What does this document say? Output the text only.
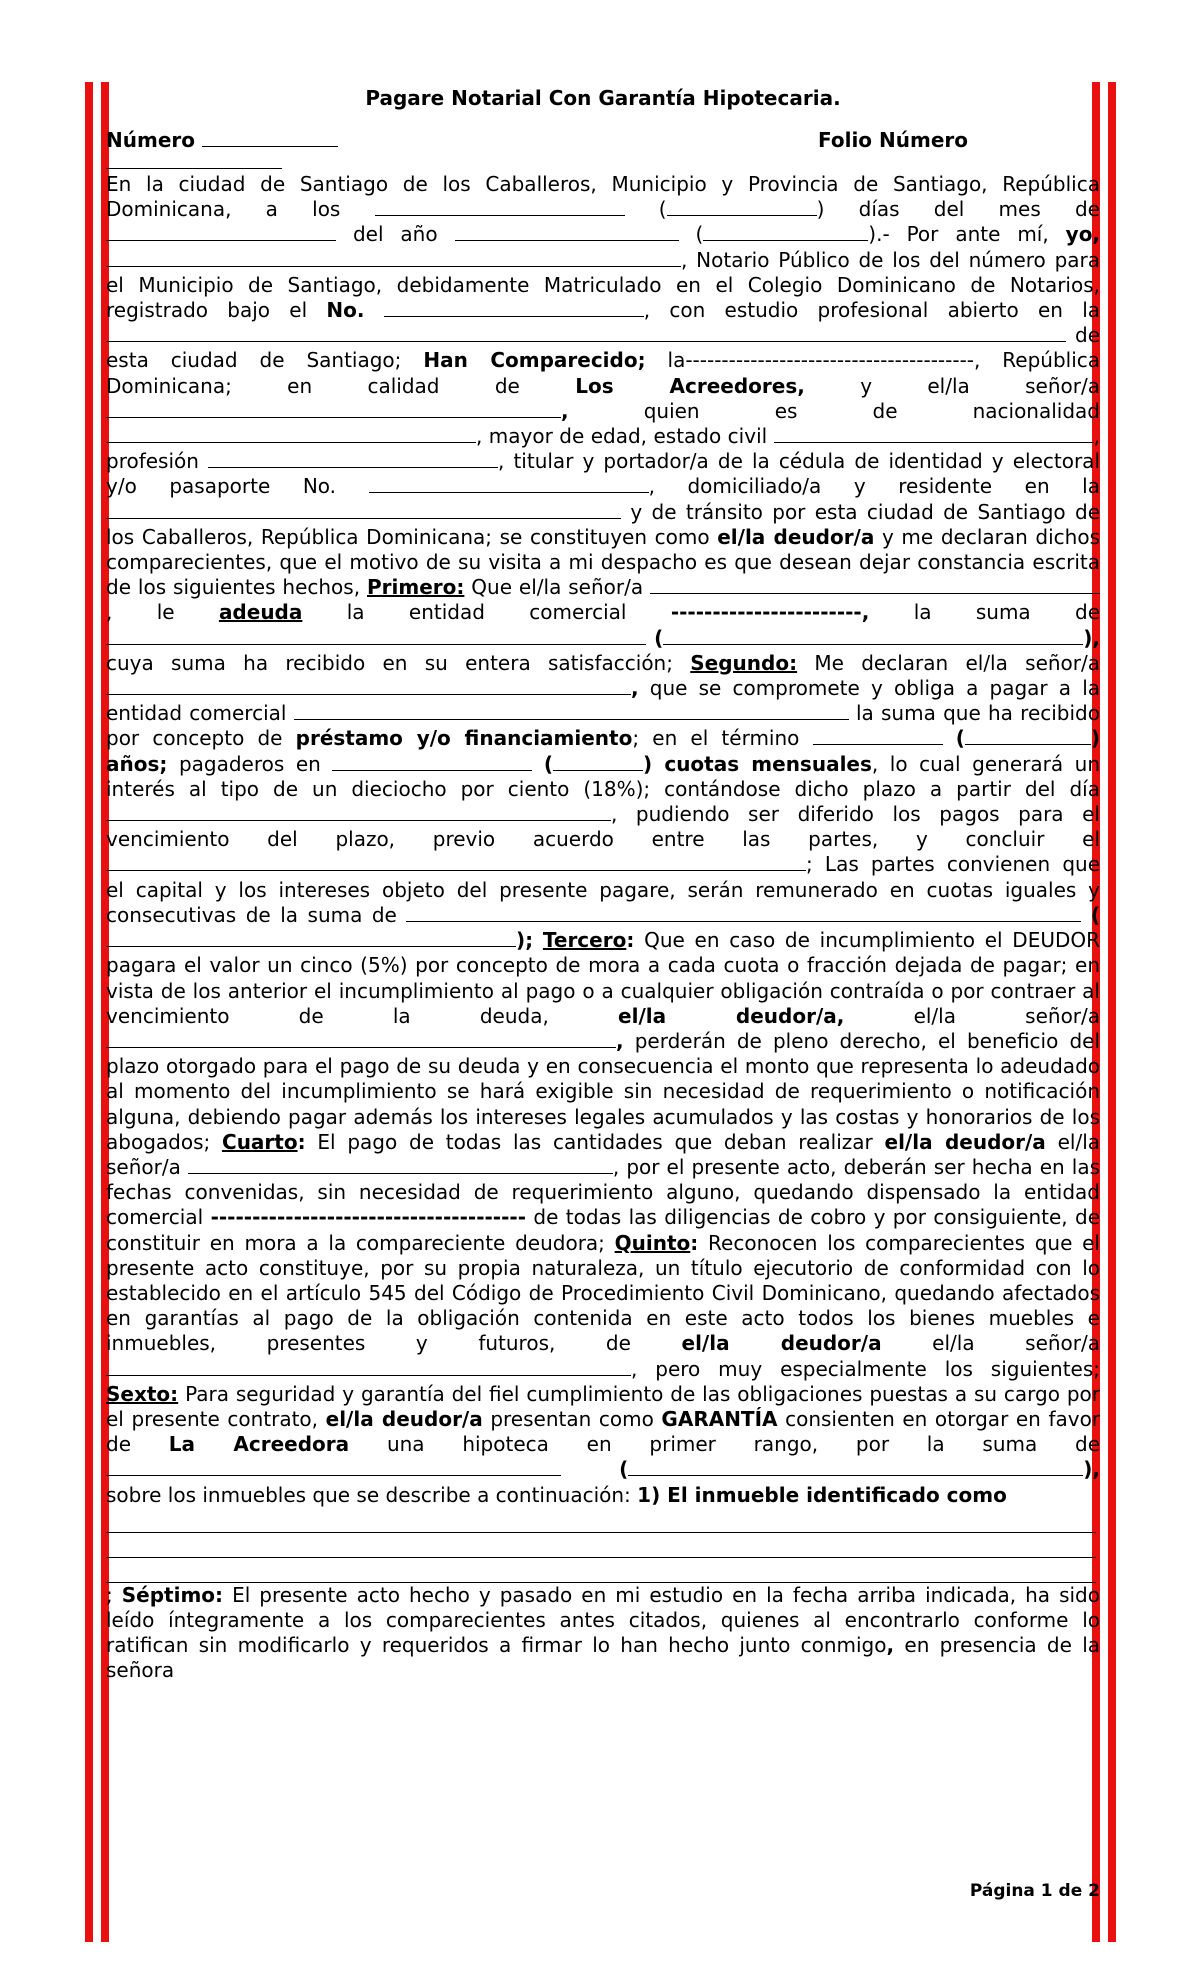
Pagare Notarial Con Garantía Hipotecaria.
Número	Folio Número

En la ciudad de Santiago de los Caballeros, Municipio y Provincia de Santiago, República Dominicana, a los	(	) días del mes de  del año	(	).- Por ante mí, yo, , Notario Público de los del número para el Municipio de Santiago, debidamente Matriculado en el Colegio Dominicano de Notarios, registrado bajo el No.	, con estudio profesional abierto en la  de esta ciudad de Santiago; Han Comparecido; la----------------------------------------, República Dominicana; en calidad de	Los Acreedores,	y el/la señor/a ,	quien es de nacionalidad , mayor de edad, estado civil	, profesión	, titular y portador/a de la cédula de identidad y electoral y/o pasaporte No.	, domiciliado/a y residente en la  y de tránsito por esta ciudad de Santiago de los Caballeros, República Dominicana; se constituyen como el/la deudor/a y me declaran dichos comparecientes, que el motivo de su visita a mi despacho es que desean dejar constancia escrita de los siguientes hechos, Primero: Que el/la señor/a , le adeuda la entidad comercial -----------------------, la suma de  (	), cuya suma ha recibido en su entera satisfacción; Segundo: Me declaran el/la señor/a , que se compromete y obliga a pagar a la entidad comercial	la suma que ha recibido por concepto de préstamo y/o financiamiento; en el término	(	) años; pagaderos en	(	) cuotas mensuales, lo cual generará un interés al tipo de un dieciocho por ciento (18%); contándose dicho plazo a partir del día , pudiendo ser diferido los pagos para el vencimiento del plazo, previo acuerdo entre las partes, y concluir el ; Las partes convienen que el capital y los intereses objeto del presente pagare, serán remunerado en cuotas iguales y consecutivas de la suma de	(); Tercero: Que en caso de incumplimiento el DEUDOR pagara el valor un cinco (5%) por concepto de mora a cada cuota o fracción dejada de pagar; en vista de los anterior el incumplimiento al pago o a cualquier obligación contraída o por contraer al vencimiento de la deuda,	el/la deudor/a,	el/la señor/a , perderán de pleno derecho, el beneficio del plazo otorgado para el pago de su deuda y en consecuencia el monto que representa lo adeudado al momento del incumplimiento se hará exigible sin necesidad de requerimiento o notificación alguna, debiendo pagar además los intereses legales acumulados y las costas y honorarios de los abogados; Cuarto: El pago de todas las cantidades que deban realizar el/la deudor/a el/la señor/a	, por el presente acto, deberán ser hecha en las fechas convenidas, sin necesidad de requerimiento alguno, quedando dispensado la entidad comercial -------------------------------------- de todas las diligencias de cobro y por consiguiente, de constituir en mora a la compareciente deudora; Quinto: Reconocen los comparecientes que el presente acto constituye, por su propia naturaleza, un título ejecutorio de conformidad con lo establecido en el artículo 545 del Código de Procedimiento Civil Dominicano, quedando afectados en garantías al pago de la obligación contenida en este acto todos los bienes muebles e inmuebles, presentes y futuros, de	el/la deudor/a	el/la señor/a , pero muy especialmente los siguientes; Sexto: Para seguridad y garantía del fiel cumplimiento de las obligaciones puestas a su cargo por el presente contrato, el/la deudor/a presentan como GARANTÍA consienten en otorgar en favor de La Acreedora una hipoteca en primer rango, por la suma de  (	), sobre los inmuebles que se describe a continuación: 1) El inmueble identificado como

; Séptimo: El presente acto hecho y pasado en mi estudio en la fecha arriba indicada, ha sido leído íntegramente a los comparecientes antes citados, quienes al encontrarlo conforme lo ratifican sin modificarlo y requeridos a firmar lo han hecho junto conmigo, en presencia de la señora

Página 1 de 2
